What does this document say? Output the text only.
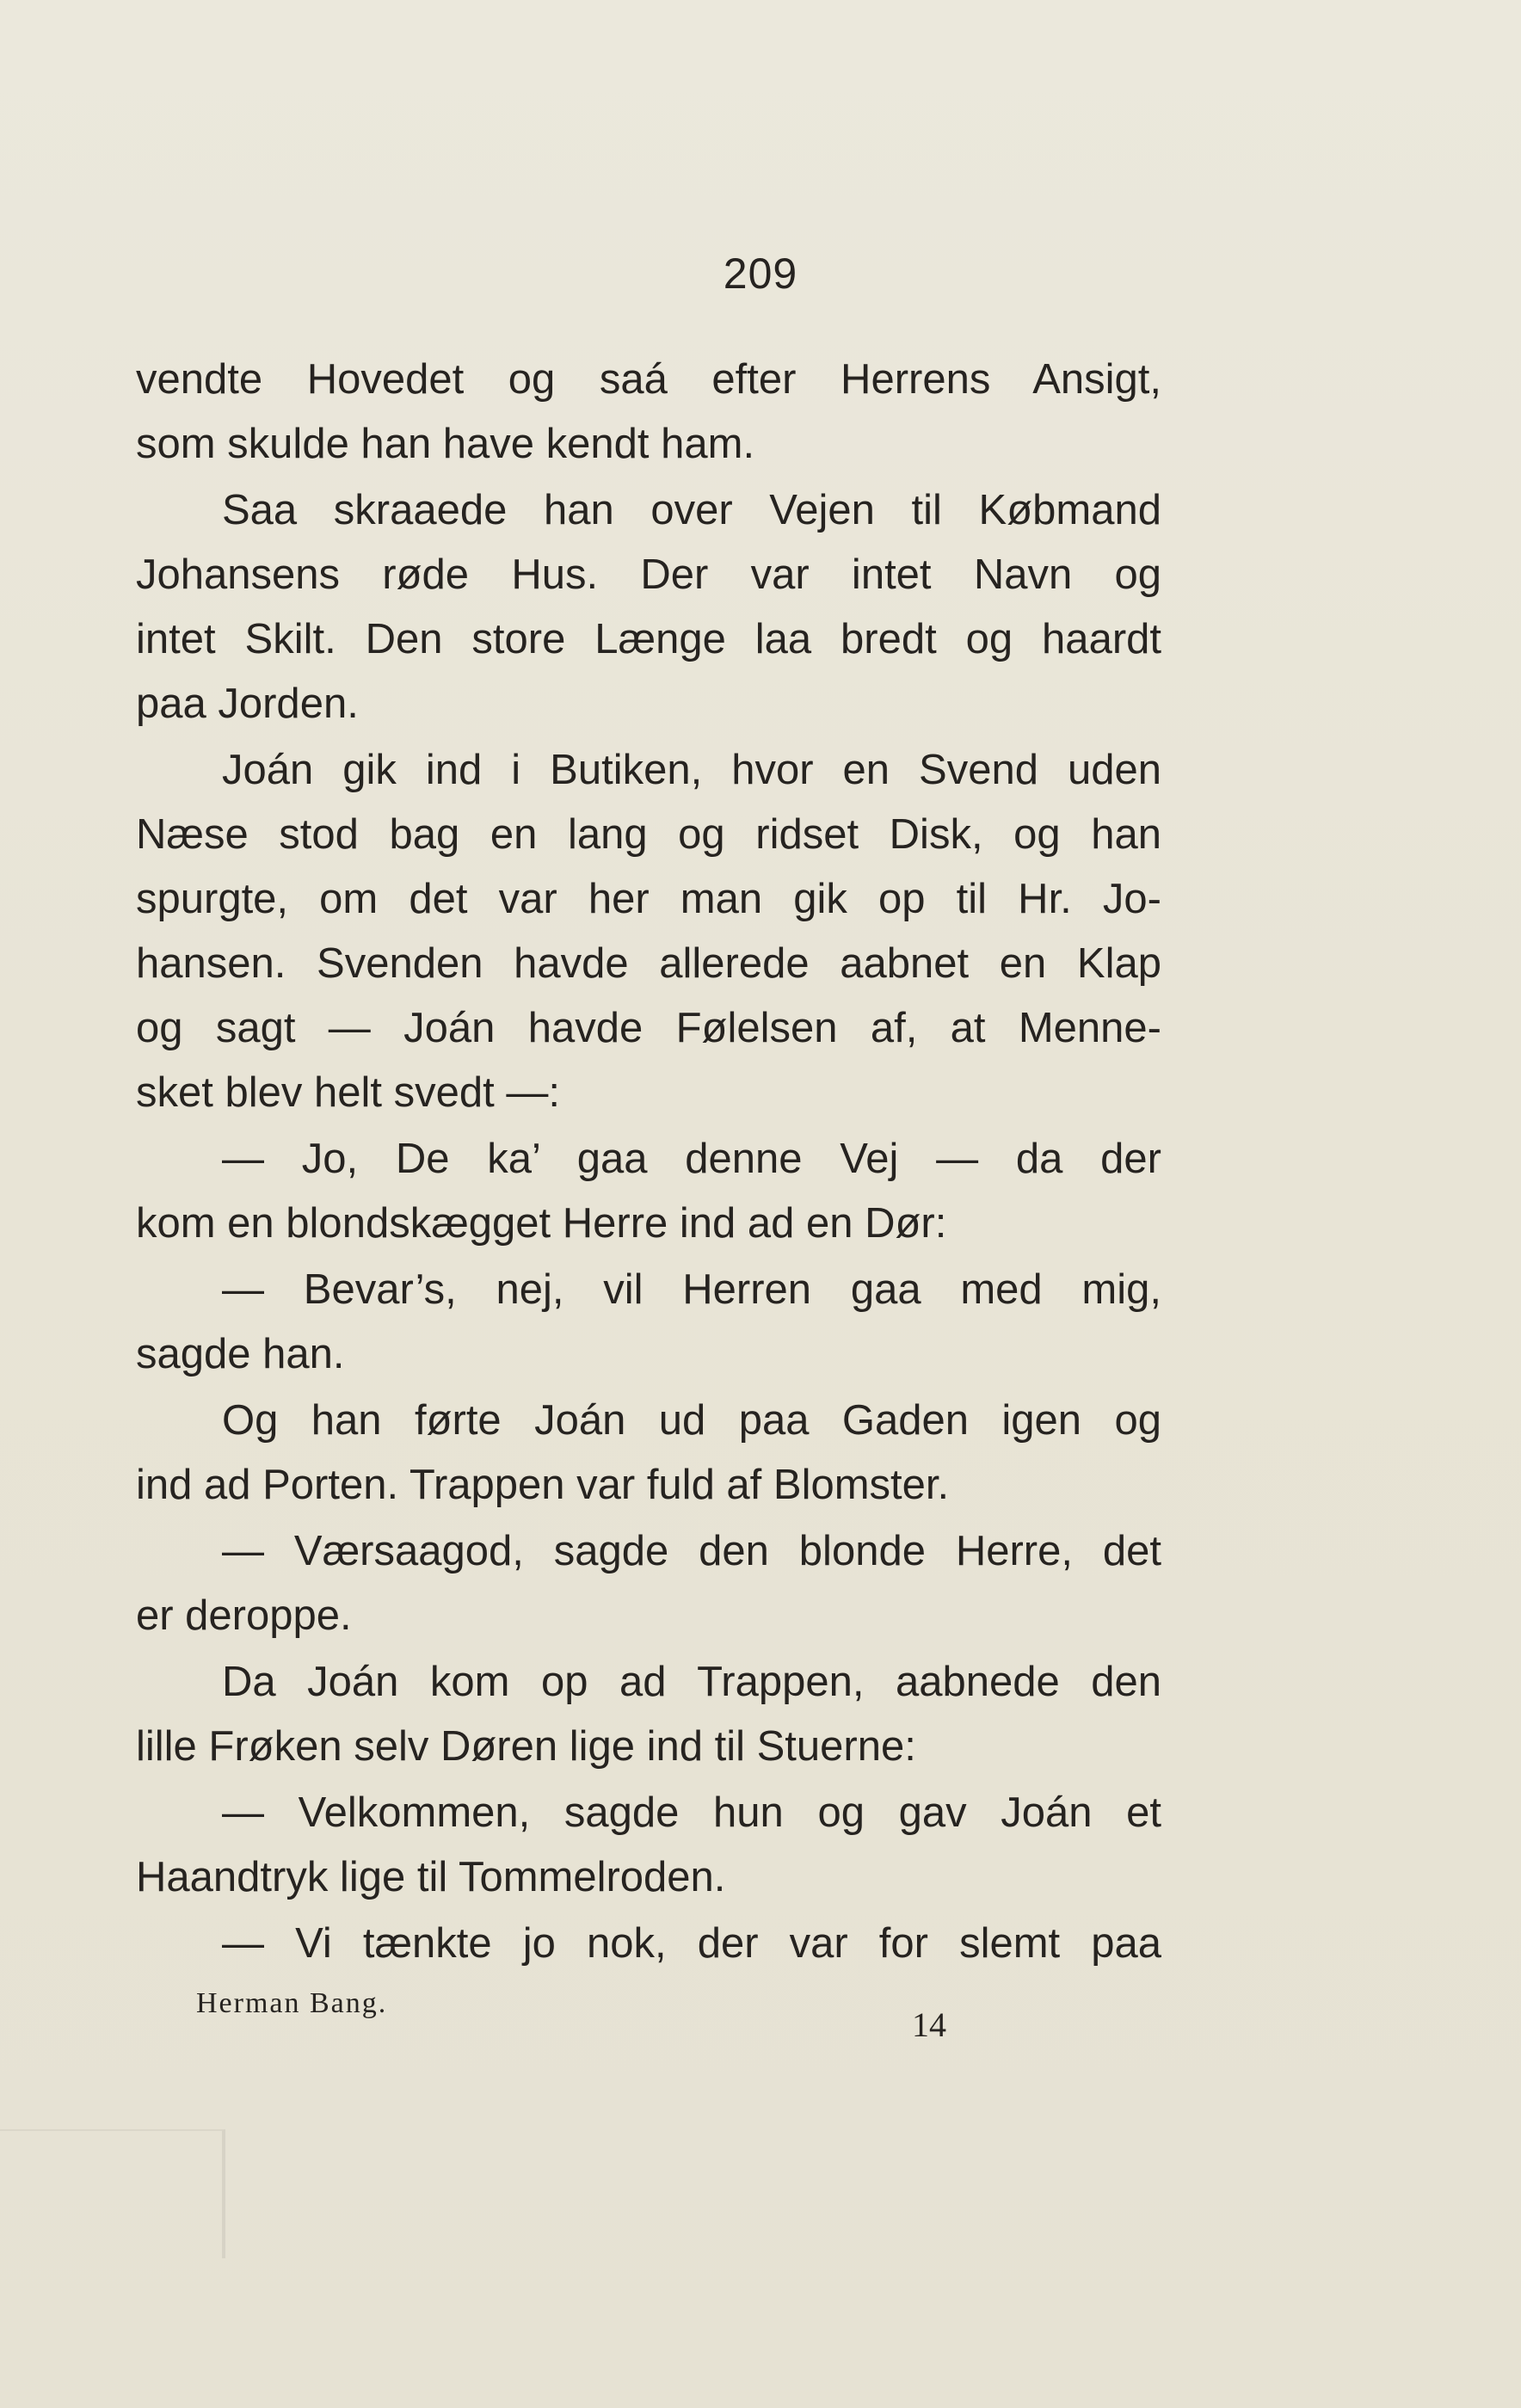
209
vendte Hovedet og saá efter Herrens Ansigt,
som skulde han have kendt ham.
Saa skraaede han over Vejen til Købmand
Johansens røde Hus. Der var intet Navn og
intet Skilt. Den store Længe laa bredt og haardt
paa Jorden.
Joán gik ind i Butiken, hvor en Svend uden
Næse stod bag en lang og ridset Disk, og han
spurgte, om det var her man gik op til Hr. Jo-
hansen. Svenden havde allerede aabnet en Klap
og sagt — Joán havde Følelsen af, at Menne-
sket blev helt svedt —:
— Jo, De ka’ gaa denne Vej — da der
kom en blondskægget Herre ind ad en Dør:
— Bevar’s, nej, vil Herren gaa med mig,
sagde han.
Og han førte Joán ud paa Gaden igen og
ind ad Porten. Trappen var fuld af Blomster.
— Værsaagod, sagde den blonde Herre, det
er deroppe.
Da Joán kom op ad Trappen, aabnede den
lille Frøken selv Døren lige ind til Stuerne:
— Velkommen, sagde hun og gav Joán et
Haandtryk lige til Tommelroden.
— Vi tænkte jo nok, der var for slemt paa
Herman Bang.
14
